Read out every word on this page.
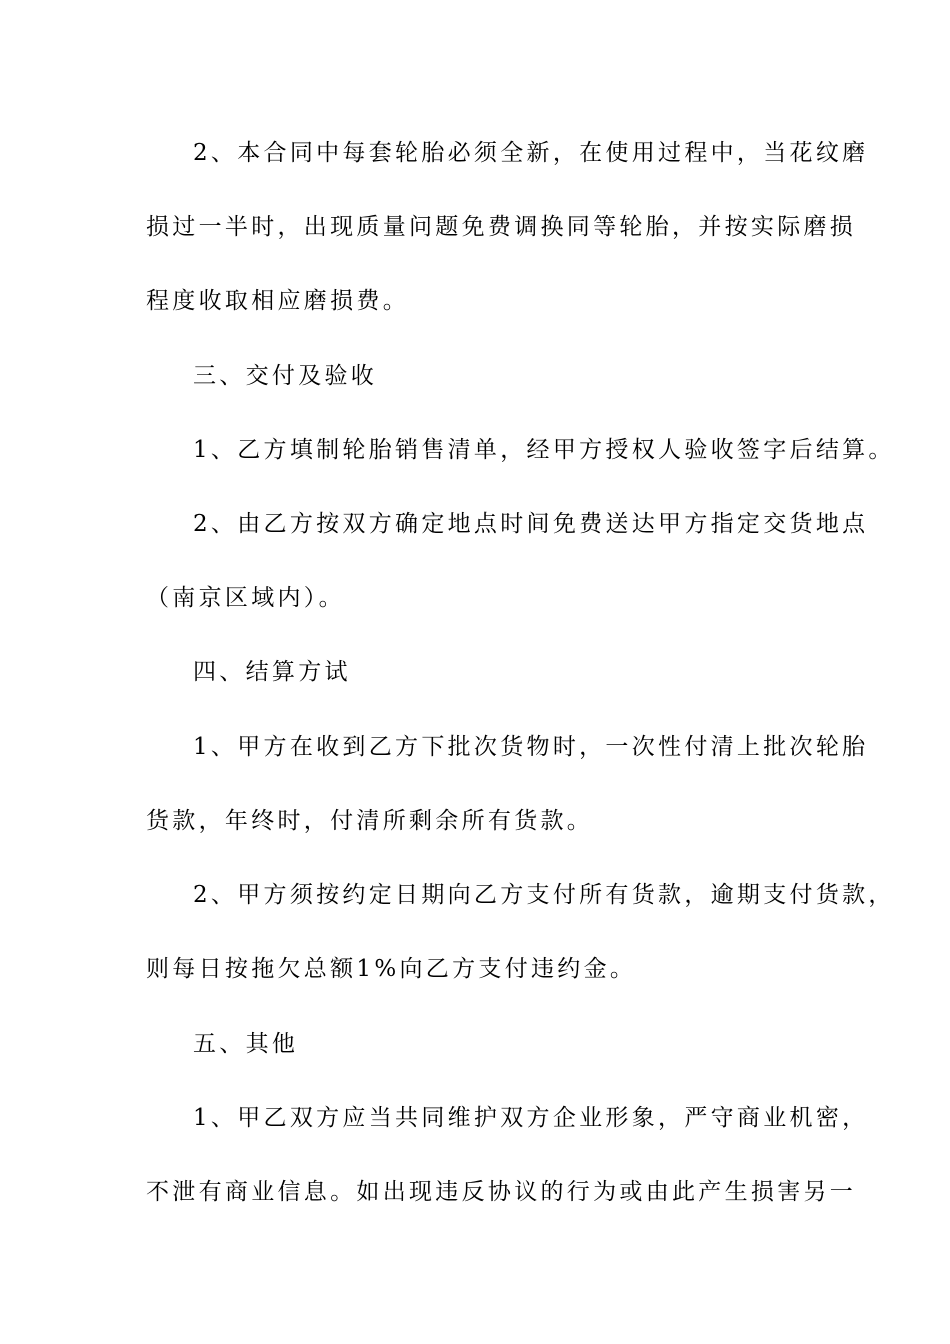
2、本合同中每套轮胎必须全新，在使用过程中，当花纹磨
损过一半时，出现质量问题免费调换同等轮胎，并按实际磨损
程度收取相应磨损费。
三、交付及验收
1、乙方填制轮胎销售清单，经甲方授权人验收签字后结算。
2、由乙方按双方确定地点时间免费送达甲方指定交货地点
（南京区域内）。
四、结算方试
1、甲方在收到乙方下批次货物时，一次性付清上批次轮胎
货款，年终时，付清所剩余所有货款。
2、甲方须按约定日期向乙方支付所有货款，逾期支付货款，
则每日按拖欠总额1%向乙方支付违约金。
五、其他
1、甲乙双方应当共同维护双方企业形象，严守商业机密，
不泄有商业信息。如出现违反协议的行为或由此产生损害另一
